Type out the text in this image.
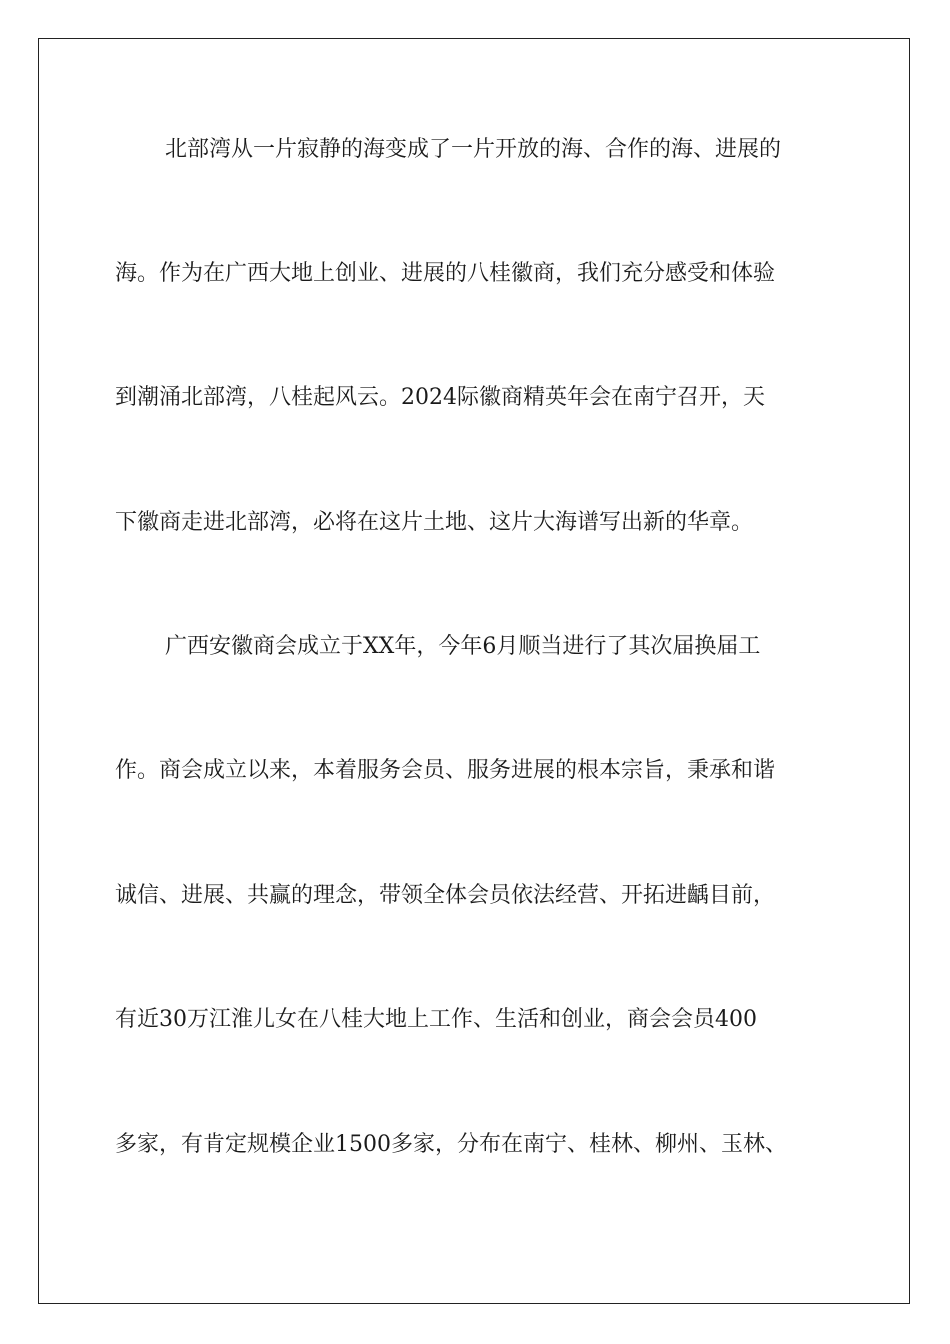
北部湾从一片寂静的海变成了一片开放的海、合作的海、进展的
海。作为在广西大地上创业、进展的八桂徽商，我们充分感受和体验
到潮涌北部湾，八桂起风云。2024际徽商精英年会在南宁召开，天
下徽商走进北部湾，必将在这片土地、这片大海谱写出新的华章。
广西安徽商会成立于XX年，今年6月顺当进行了其次届换届工
作。商会成立以来，本着服务会员、服务进展的根本宗旨，秉承和谐
诚信、进展、共赢的理念，带领全体会员依法经营、开拓进齲目前，
有近30万江淮儿女在八桂大地上工作、生活和创业，商会会员400
多家，有肯定规模企业1500多家，分布在南宁、桂林、柳州、玉林、
